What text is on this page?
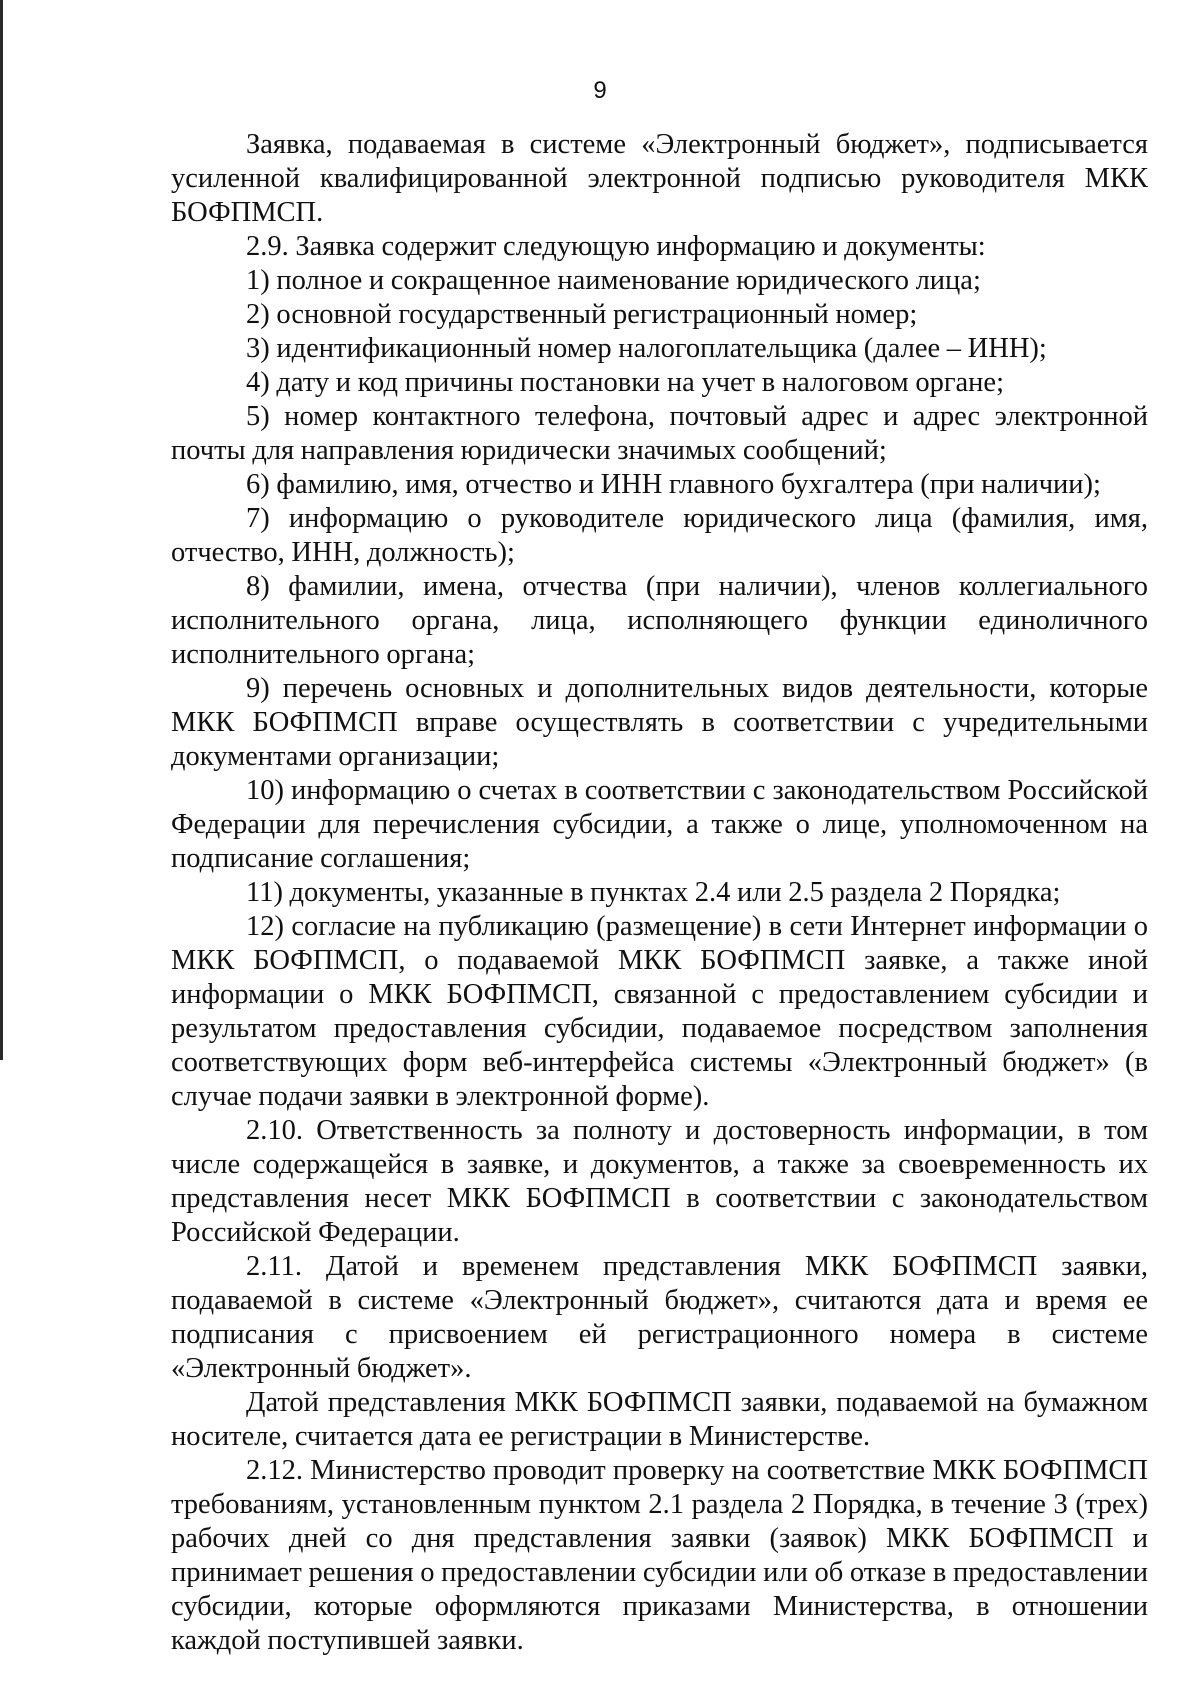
9

Заявка, подаваемая в системе «Электронный бюджет», подписывается усиленной квалифицированной электронной подписью руководителя МКК БОФПМСП.

2.9. Заявка содержит следующую информацию и документы:

1) полное и сокращенное наименование юридического лица;

2) основной государственный регистрационный номер;

3) идентификационный номер налогоплательщика (далее – ИНН);

4) дату и код причины постановки на учет в налоговом органе;

5) номер контактного телефона, почтовый адрес и адрес электронной почты для направления юридически значимых сообщений;

6) фамилию, имя, отчество и ИНН главного бухгалтера (при наличии);

7) информацию о руководителе юридического лица (фамилия, имя, отчество, ИНН, должность);

8) фамилии, имена, отчества (при наличии), членов коллегиального исполнительного органа, лица, исполняющего функции единоличного исполнительного органа;

9) перечень основных и дополнительных видов деятельности, которые МКК БОФПМСП вправе осуществлять в соответствии с учредительными документами организации;

10) информацию о счетах в соответствии с законодательством Российской Федерации для перечисления субсидии, а также о лице, уполномоченном на подписание соглашения;

11) документы, указанные в пунктах 2.4 или 2.5 раздела 2 Порядка;

12) согласие на публикацию (размещение) в сети Интернет информации о МКК БОФПМСП, о подаваемой МКК БОФПМСП заявке, а также иной информации о МКК БОФПМСП, связанной с предоставлением субсидии и результатом предоставления субсидии, подаваемое посредством заполнения соответствующих форм веб-интерфейса системы «Электронный бюджет» (в случае подачи заявки в электронной форме).

2.10. Ответственность за полноту и достоверность информации, в том числе содержащейся в заявке, и документов, а также за своевременность их представления несет МКК БОФПМСП в соответствии с законодательством Российской Федерации.

2.11. Датой и временем представления МКК БОФПМСП заявки, подаваемой в системе «Электронный бюджет», считаются дата и время ее подписания с присвоением ей регистрационного номера в системе «Электронный бюджет».

Датой представления МКК БОФПМСП заявки, подаваемой на бумажном носителе, считается дата ее регистрации в Министерстве.

2.12. Министерство проводит проверку на соответствие МКК БОФПМСП требованиям, установленным пунктом 2.1 раздела 2 Порядка, в течение 3 (трех) рабочих дней со дня представления заявки (заявок) МКК БОФПМСП и принимает решения о предоставлении субсидии или об отказе в предоставлении субсидии, которые оформляются приказами Министерства, в отношении каждой поступившей заявки.
